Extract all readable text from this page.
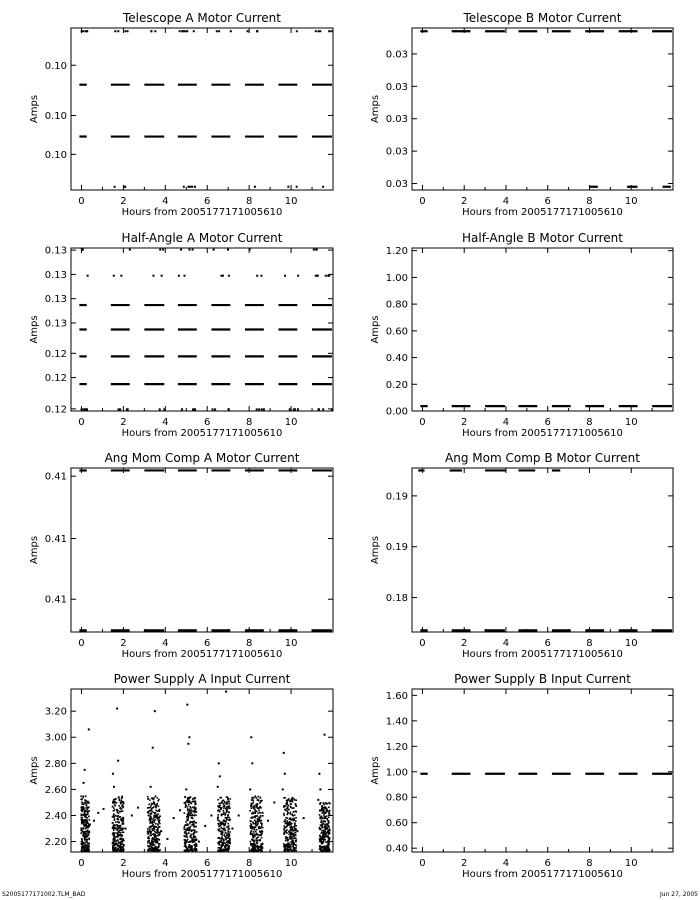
Telescope A Motor Current
0	2	4	6	8	10
Hours from 2005177171005610
0.10
0.10
0.10
Amps
Telescope B Motor Current
0	2	4	6	8	10
Hours from 2005177171005610
0.03
0.03
0.03
0.03
0.03
Amps
Half-Angle A Motor Current
0	2	4	6	8	10
Hours from 2005177171005610
0.13
0.13
0.13
0.13
0.12
0.12
0.12
Amps
Half-Angle B Motor Current
0	2	4	6	8	10
Hours from 2005177171005610
1.20
1.00
0.80
0.60
0.40
0.20
0.00
Amps
Ang Mom Comp A Motor Current
0	2	4	6	8	10
Hours from 2005177171005610
0.41
0.41
0.41
Amps
Ang Mom Comp B Motor Current
0	2	4	6	8	10
Hours from 2005177171005610
0.19
0.19
0.18
Amps
Power Supply A Input Current
0	2	4	6	8	10
Hours from 2005177171005610
3.20
3.00
2.80
2.60
2.40
2.20
Amps
Power Supply B Input Current
0	2	4	6	8	10
Hours from 2005177171005610
1.60
1.40
1.20
1.00
0.80
0.60
0.40
Amps
S2005177171002.TLM_BAD	Jun 27, 2005
